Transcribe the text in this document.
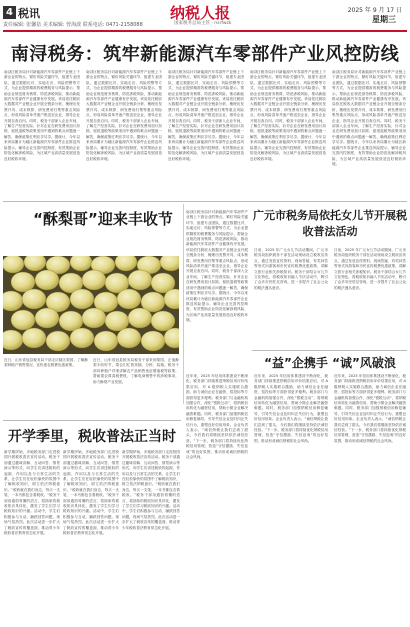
4 税讯
责任编辑: 张馨蓓 美术编辑: 曾海波 联系电话: 0471-2158088
纳税人报
国家税务总局主管 · nsrfwzk
2025 年 9 月 17 日
星期三
南浔税务：筑牢新能源汽车零部件产业风控防线
南浔区税务局针对新能源汽车零部件产业链上下游企业的特点，紧盯风险关键环节，组建专业团队，通过数据比对、实地走访、风险预警等方式，为企业提供精准的税费服务与风险提示，帮助企业规范财务核算，防范涉税风险，推动新能源汽车零部件产业健康有序发展。该局依托税收大数据对产业链企业开展全链条分析，梳理出发票开具、成本核算、研发费用归集等重点风险点，形成风险清单并逐户推送至企业，指导企业开展自查自纠。同时，税务干部深入企业车间，了解生产经营实际，针对企业在研发费用加计扣除、留抵退税等政策适用中遇到的难点问题逐一解答，确保政策红利应享尽享。据统计，今年以来该局累计为辖区新能源汽车零部件企业推送风险提示，辅导企业完善内控制度，有效帮助企业防范化解涉税风险，为区域产业高质量发展营造良好税收环境。
南浔区税务局针对新能源汽车零部件产业链上下游企业的特点，紧盯风险关键环节，组建专业团队，通过数据比对、实地走访、风险预警等方式，为企业提供精准的税费服务与风险提示，帮助企业规范财务核算，防范涉税风险，推动新能源汽车零部件产业健康有序发展。该局依托税收大数据对产业链企业开展全链条分析，梳理出发票开具、成本核算、研发费用归集等重点风险点，形成风险清单并逐户推送至企业，指导企业开展自查自纠。同时，税务干部深入企业车间，了解生产经营实际，针对企业在研发费用加计扣除、留抵退税等政策适用中遇到的难点问题逐一解答，确保政策红利应享尽享。据统计，今年以来该局累计为辖区新能源汽车零部件企业推送风险提示，辅导企业完善内控制度，有效帮助企业防范化解涉税风险，为区域产业高质量发展营造良好税收环境。
南浔区税务局针对新能源汽车零部件产业链上下游企业的特点，紧盯风险关键环节，组建专业团队，通过数据比对、实地走访、风险预警等方式，为企业提供精准的税费服务与风险提示，帮助企业规范财务核算，防范涉税风险，推动新能源汽车零部件产业健康有序发展。该局依托税收大数据对产业链企业开展全链条分析，梳理出发票开具、成本核算、研发费用归集等重点风险点，形成风险清单并逐户推送至企业，指导企业开展自查自纠。同时，税务干部深入企业车间，了解生产经营实际，针对企业在研发费用加计扣除、留抵退税等政策适用中遇到的难点问题逐一解答，确保政策红利应享尽享。据统计，今年以来该局累计为辖区新能源汽车零部件企业推送风险提示，辅导企业完善内控制度，有效帮助企业防范化解涉税风险，为区域产业高质量发展营造良好税收环境。
南浔区税务局针对新能源汽车零部件产业链上下游企业的特点，紧盯风险关键环节，组建专业团队，通过数据比对、实地走访、风险预警等方式，为企业提供精准的税费服务与风险提示，帮助企业规范财务核算，防范涉税风险，推动新能源汽车零部件产业健康有序发展。该局依托税收大数据对产业链企业开展全链条分析，梳理出发票开具、成本核算、研发费用归集等重点风险点，形成风险清单并逐户推送至企业，指导企业开展自查自纠。同时，税务干部深入企业车间，了解生产经营实际，针对企业在研发费用加计扣除、留抵退税等政策适用中遇到的难点问题逐一解答，确保政策红利应享尽享。据统计，今年以来该局累计为辖区新能源汽车零部件企业推送风险提示，辅导企业完善内控制度，有效帮助企业防范化解涉税风险，为区域产业高质量发展营造良好税收环境。
南浔区税务局针对新能源汽车零部件产业链上下游企业的特点，紧盯风险关键环节，组建专业团队，通过数据比对、实地走访、风险预警等方式，为企业提供精准的税费服务与风险提示，帮助企业规范财务核算，防范涉税风险，推动新能源汽车零部件产业健康有序发展。该局依托税收大数据对产业链企业开展全链条分析，梳理出发票开具、成本核算、研发费用归集等重点风险点，形成风险清单并逐户推送至企业，指导企业开展自查自纠。同时，税务干部深入企业车间，了解生产经营实际，针对企业在研发费用加计扣除、留抵退税等政策适用中遇到的难点问题逐一解答，确保政策红利应享尽享。据统计，今年以来该局累计为辖区新能源汽车零部件企业推送风险提示，辅导企业完善内控制度，有效帮助企业防范化解涉税风险，为区域产业高质量发展营造良好税收环境。
“酥梨哥”迎来丰收节
近日，山东省冠县税务局干部走访辖区梨园，了解酥梨种植户销售情况，宣传惠农税费优惠政策。
近日，山东省冠县税务局税务干部来到梨园，正值酥梨丰收时节，果农们忙着采摘、分拣、装箱。税务干部向种植户详细讲解农产品销售免征增值税等政策，帮助果农算清税费账，了解电商销售中的涉税事项，助力酥梨产业发展。
南浔区税务局针对新能源汽车零部件产业链上下游企业的特点，紧盯风险关键环节，组建专业团队，通过数据比对、实地走访、风险预警等方式，为企业提供精准的税费服务与风险提示，帮助企业规范财务核算，防范涉税风险，推动新能源汽车零部件产业健康有序发展。该局依托税收大数据对产业链企业开展全链条分析，梳理出发票开具、成本核算、研发费用归集等重点风险点，形成风险清单并逐户推送至企业，指导企业开展自查自纠。同时，税务干部深入企业车间，了解生产经营实际，针对企业在研发费用加计扣除、留抵退税等政策适用中遇到的难点问题逐一解答，确保政策红利应享尽享。据统计，今年以来该局累计为辖区新能源汽车零部件企业推送风险提示，辅导企业完善内控制度，有效帮助企业防范化解涉税风险，为区域产业高质量发展营造良好税收环境。
广元市税务局依托女儿节开展税收普法活动
日前，2025 年广元女儿节活动期间，广元市税务局组织税务干部在活动现场设立税收宣传点，通过发放宣传资料、现场答疑、有奖问答等形式向游客和市民宣传税费优惠政策，讲解文旅行业相关涉税知识。税务干部结合女儿节文化特色，将税收知识融入节庆活动中，吸引了众多市民驻足咨询，进一步提升了社会公众的税法遵从意识。
日前，2025 年广元女儿节活动期间，广元市税务局组织税务干部在活动现场设立税收宣传点，通过发放宣传资料、现场答疑、有奖问答等形式向游客和市民宣传税费优惠政策，讲解文旅行业相关涉税知识。税务干部结合女儿节文化特色，将税收知识融入节庆活动中，吸引了众多市民驻足咨询，进一步提升了社会公众的税法遵从意识。
“益”企携手 “诚”风破浪
近年来，2025 年信用体系建设不断深化，税务部门持续推进纳税信用评价结果应用，对 A 级纳税人实施联合激励，助力诚信企业在融资、招投标等方面获得更多便利。税务部门与金融机构加强合作，深化“银税互动”，将纳税信用转化为融资信用，帮助小微企业解决融资难题。同时，税务部门加强纳税信用修复辅导，引导失信企业及时纠正失信行为，重塑良好信用形象。企业负责人表示，“诚信纳税让我们尝到了甜头，今后我们将继续坚持依法诚信经营。”下一步，税务部门将持续优化纳税信用管理，营造“守信激励、失信惩戒”的良好氛围，推动形成诚信纳税的社会风尚。
近年来，2025 年信用体系建设不断深化，税务部门持续推进纳税信用评价结果应用，对 A 级纳税人实施联合激励，助力诚信企业在融资、招投标等方面获得更多便利。税务部门与金融机构加强合作，深化“银税互动”，将纳税信用转化为融资信用，帮助小微企业解决融资难题。同时，税务部门加强纳税信用修复辅导，引导失信企业及时纠正失信行为，重塑良好信用形象。企业负责人表示，“诚信纳税让我们尝到了甜头，今后我们将继续坚持依法诚信经营。”下一步，税务部门将持续优化纳税信用管理，营造“守信激励、失信惩戒”的良好氛围，推动形成诚信纳税的社会风尚。
近年来，2025 年信用体系建设不断深化，税务部门持续推进纳税信用评价结果应用，对 A 级纳税人实施联合激励，助力诚信企业在融资、招投标等方面获得更多便利。税务部门与金融机构加强合作，深化“银税互动”，将纳税信用转化为融资信用，帮助小微企业解决融资难题。同时，税务部门加强纳税信用修复辅导，引导失信企业及时纠正失信行为，重塑良好信用形象。企业负责人表示，“诚信纳税让我们尝到了甜头，今后我们将继续坚持依法诚信经营。”下一步，税务部门将持续优化纳税信用管理，营造“守信激励、失信惩戒”的良好氛围，推动形成诚信纳税的社会风尚。
开学季里，税收普法正当时
新学期伊始，多地税务部门走进校园开展税收普法宣传活动。税务干部通过趣味讲解、互动问答、情景演示等形式，向学生们讲述税收的起源、作用以及与日常生活的关系，让学生们在轻松愉快的氛围中了解税收知识，树立依法纳税意识。“税收就在我们身边，每买一支笔、一本书都包含着税收。”税务干部用通俗易懂的语言，将抽象的税收知识具体化，激发了学生们学习税收知识的兴趣。活动中，学生们积极参与互动，踊跃回答问题，现场气氛热烈。此次活动进一步扩大了税收宣传的覆盖面，推动青少年税收普法教育常态化开展。
新学期伊始，多地税务部门走进校园开展税收普法宣传活动。税务干部通过趣味讲解、互动问答、情景演示等形式，向学生们讲述税收的起源、作用以及与日常生活的关系，让学生们在轻松愉快的氛围中了解税收知识，树立依法纳税意识。“税收就在我们身边，每买一支笔、一本书都包含着税收。”税务干部用通俗易懂的语言，将抽象的税收知识具体化，激发了学生们学习税收知识的兴趣。活动中，学生们积极参与互动，踊跃回答问题，现场气氛热烈。此次活动进一步扩大了税收宣传的覆盖面，推动青少年税收普法教育常态化开展。
新学期伊始，多地税务部门走进校园开展税收普法宣传活动。税务干部通过趣味讲解、互动问答、情景演示等形式，向学生们讲述税收的起源、作用以及与日常生活的关系，让学生们在轻松愉快的氛围中了解税收知识，树立依法纳税意识。“税收就在我们身边，每买一支笔、一本书都包含着税收。”税务干部用通俗易懂的语言，将抽象的税收知识具体化，激发了学生们学习税收知识的兴趣。活动中，学生们积极参与互动，踊跃回答问题，现场气氛热烈。此次活动进一步扩大了税收宣传的覆盖面，推动青少年税收普法教育常态化开展。
